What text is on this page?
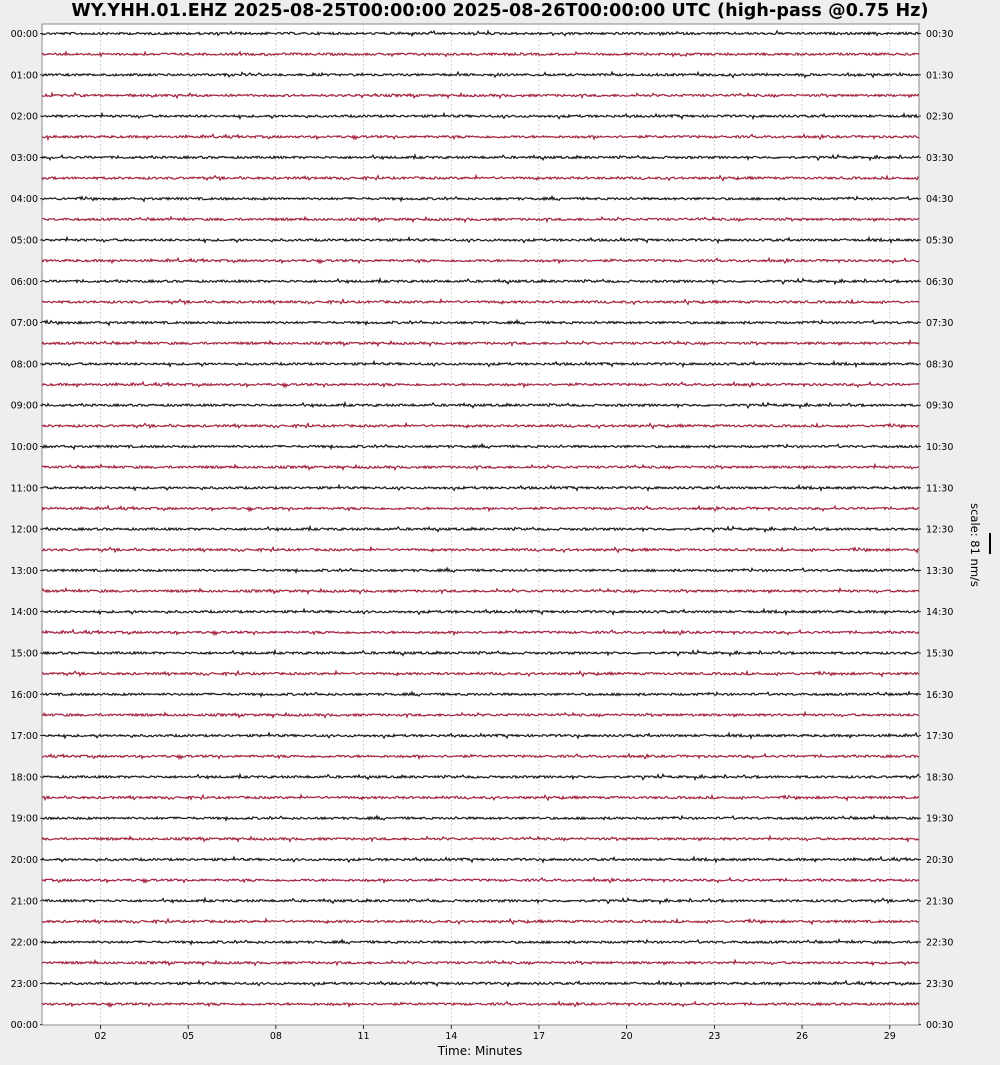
WY.YHH.01.EHZ 2025-08-25T00:00:00 2025-08-26T00:00:00 UTC (high-pass @0.75 Hz)
00:00
01:00
02:00
03:00
04:00
05:00
06:00
07:00
08:00
09:00
10:00
11:00
12:00
13:00
14:00
15:00
16:00
17:00
18:00
19:00
20:00
21:00
22:00
23:00
00:00
00:30
01:30
02:30
03:30
04:30
05:30
06:30
07:30
08:30
09:30
10:30
11:30
12:30
13:30
14:30
15:30
16:30
17:30
18:30
19:30
20:30
21:30
22:30
23:30
00:30
02	05	08	11	14	17	20	23	26	29
Time: Minutes
scale: 81 nm/s
